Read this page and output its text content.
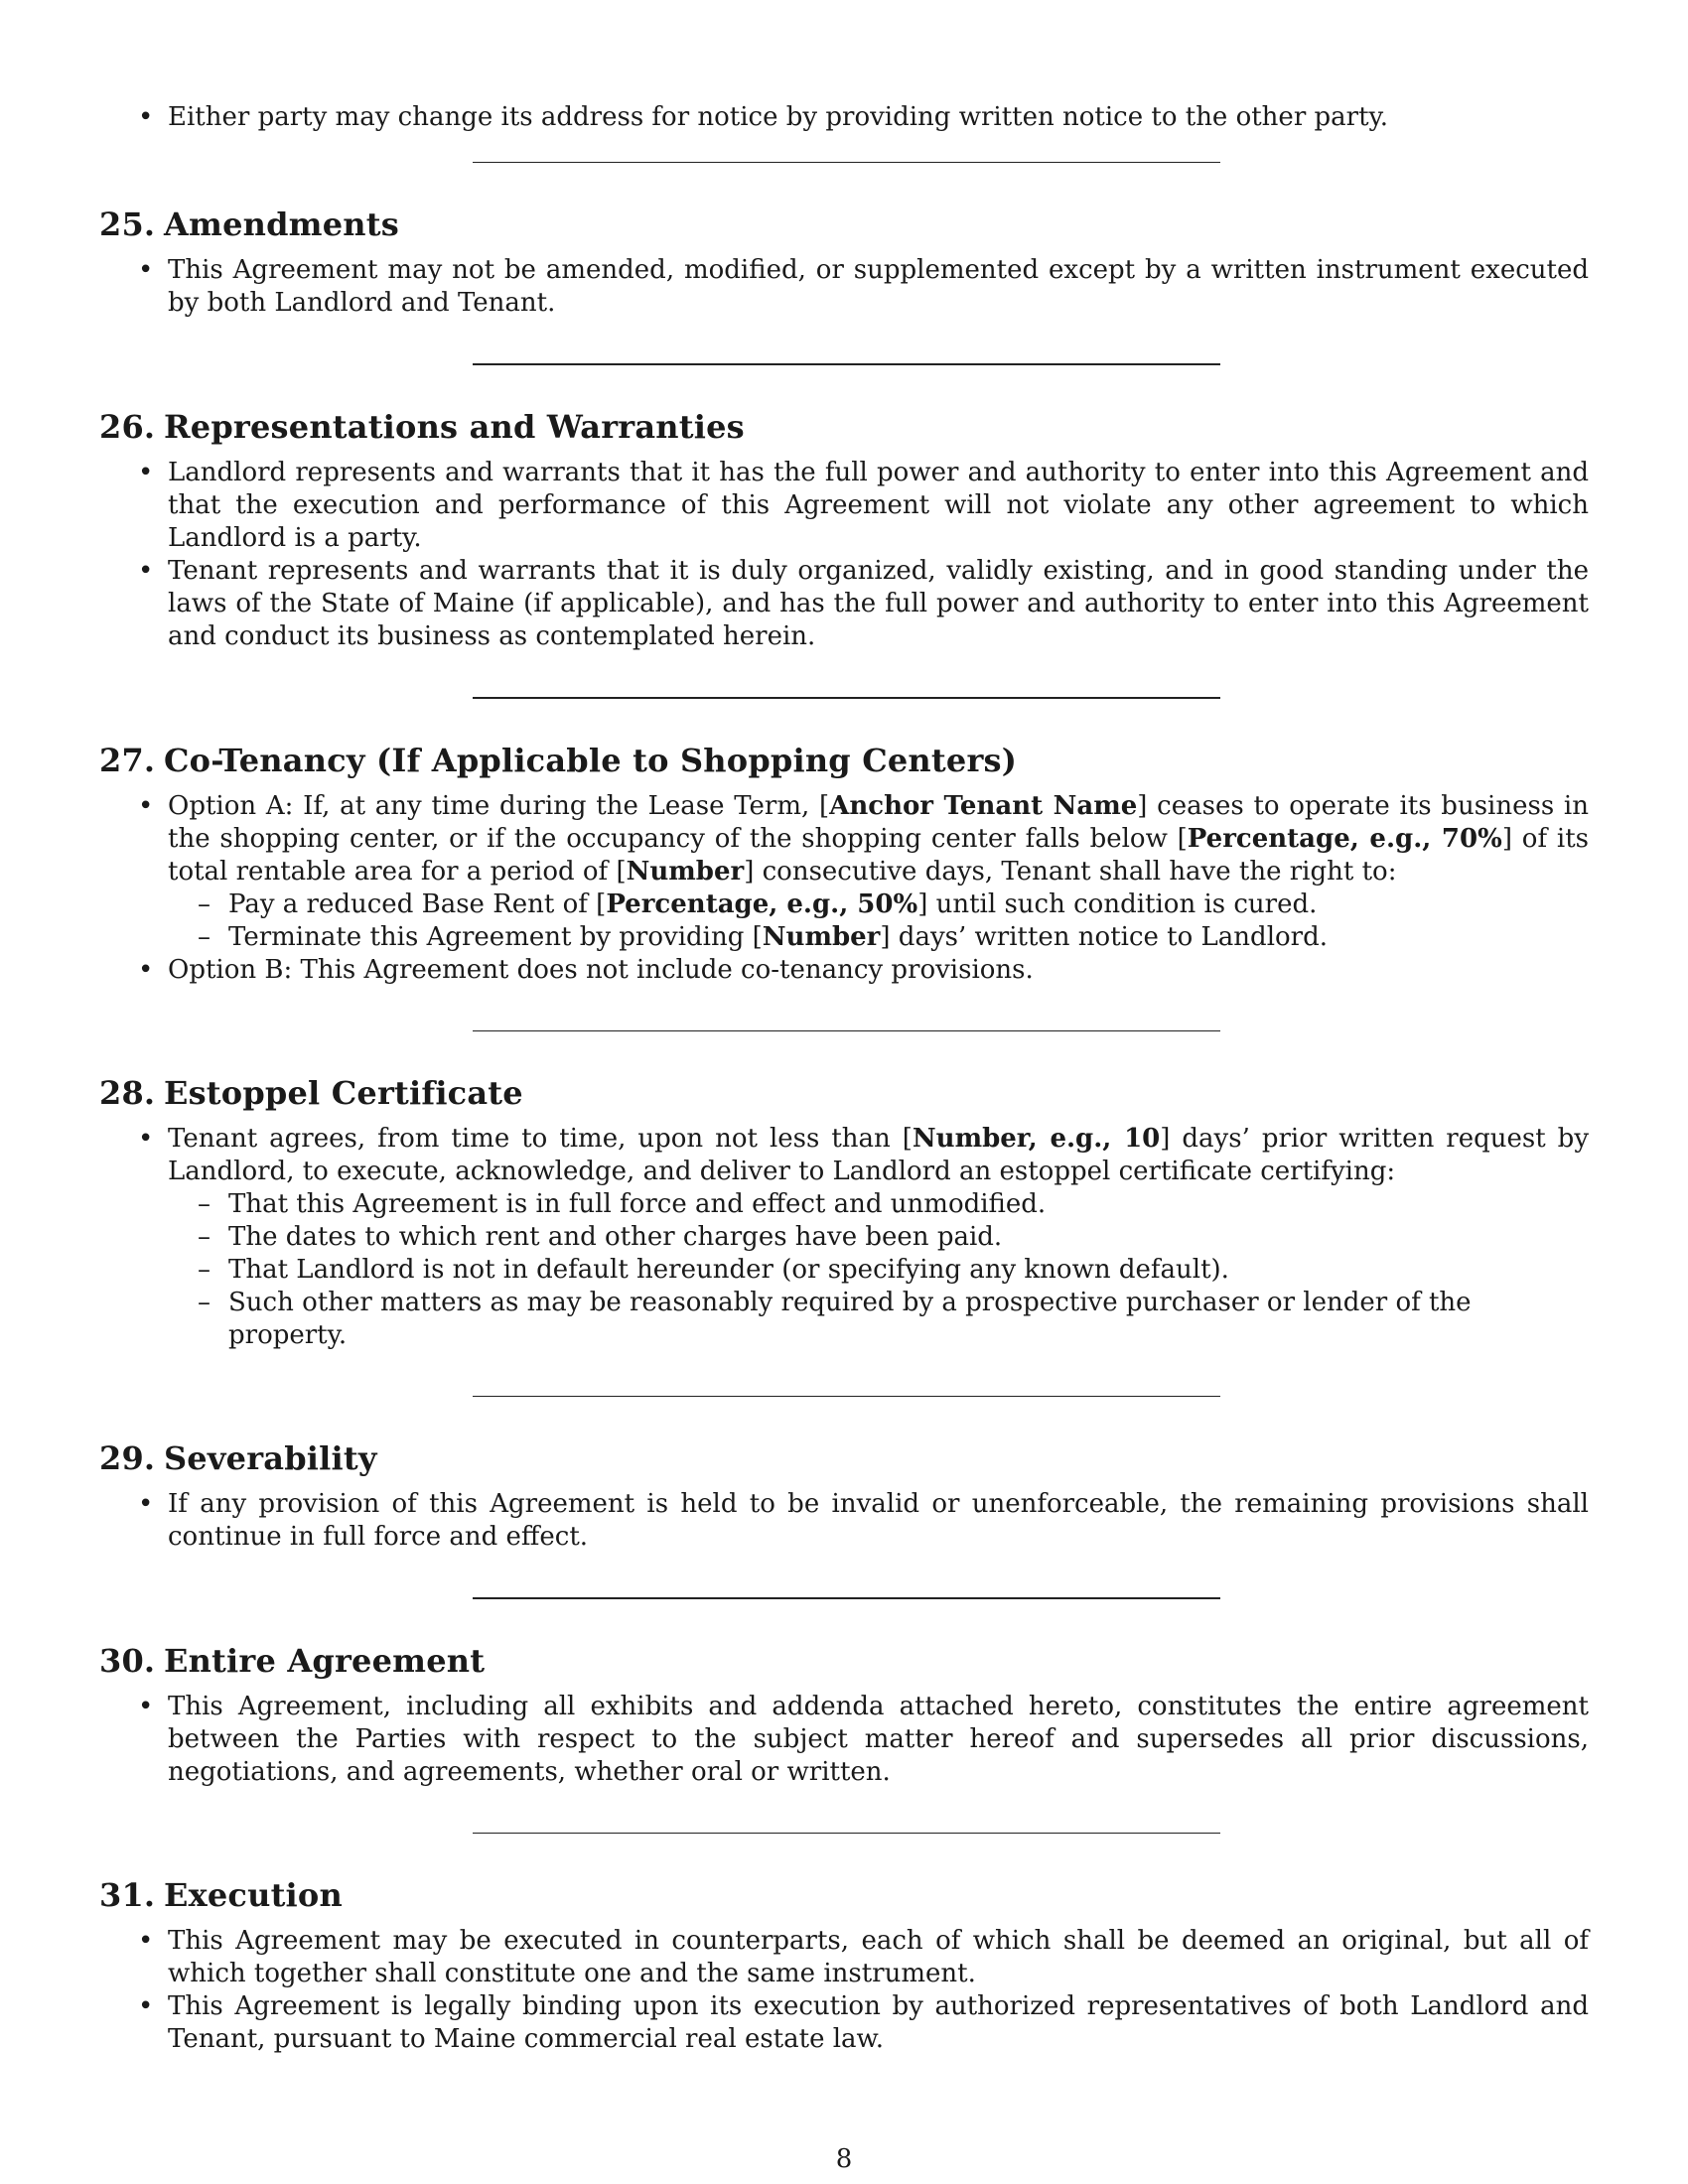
• Either party may change its address for notice by providing written notice to the other party.
25. Amendments
• This Agreement may not be amended, modified, or supplemented except by a written instrument executed by both Landlord and Tenant.
26. Representations and Warranties
• Landlord represents and warrants that it has the full power and authority to enter into this Agreement and that the execution and performance of this Agreement will not violate any other agreement to which Landlord is a party.
• Tenant represents and warrants that it is duly organized, validly existing, and in good standing under the laws of the State of Maine (if applicable), and has the full power and authority to enter into this Agreement and conduct its business as contemplated herein.
27. Co-Tenancy (If Applicable to Shopping Centers)
• Option A: If, at any time during the Lease Term, [Anchor Tenant Name] ceases to operate its business in the shopping center, or if the occupancy of the shopping center falls below [Percentage, e.g., 70%] of its total rentable area for a period of [Number] consecutive days, Tenant shall have the right to:
– Pay a reduced Base Rent of [Percentage, e.g., 50%] until such condition is cured.
– Terminate this Agreement by providing [Number] days’ written notice to Landlord.
• Option B: This Agreement does not include co-tenancy provisions.
28. Estoppel Certificate
• Tenant agrees, from time to time, upon not less than [Number, e.g., 10] days’ prior written request by Landlord, to execute, acknowledge, and deliver to Landlord an estoppel certificate certifying:
– That this Agreement is in full force and effect and unmodified.
– The dates to which rent and other charges have been paid.
– That Landlord is not in default hereunder (or specifying any known default).
– Such other matters as may be reasonably required by a prospective purchaser or lender of the property.
29. Severability
• If any provision of this Agreement is held to be invalid or unenforceable, the remaining provisions shall continue in full force and effect.
30. Entire Agreement
• This Agreement, including all exhibits and addenda attached hereto, constitutes the entire agreement between the Parties with respect to the subject matter hereof and supersedes all prior discussions, negotiations, and agreements, whether oral or written.
31. Execution
• This Agreement may be executed in counterparts, each of which shall be deemed an original, but all of which together shall constitute one and the same instrument.
• This Agreement is legally binding upon its execution by authorized representatives of both Landlord and Tenant, pursuant to Maine commercial real estate law.
8
